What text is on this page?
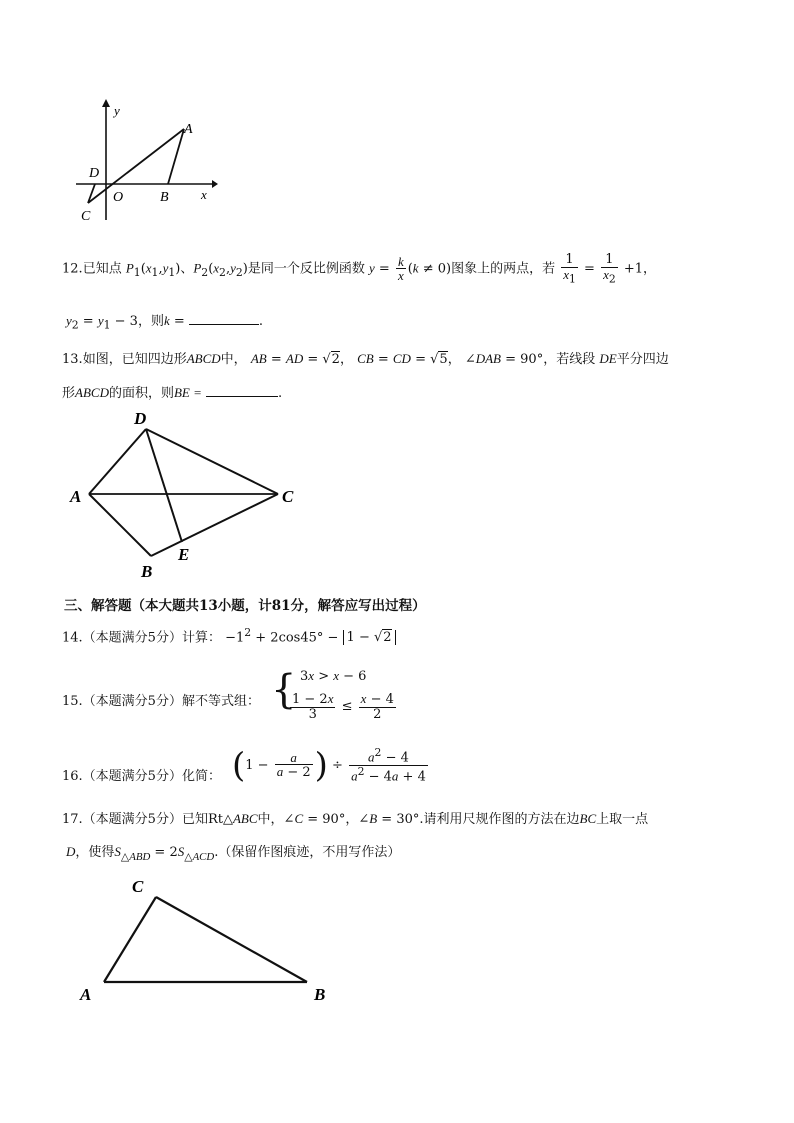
y
x
A
B
C
D
O
12.已知点 $P_1(x_1,y_1)$、$P_2(x_2,y_2)$是同一个反比例函数 $y = \frac{k}{x} (k \ne 0)$图象上的两点，若 $\frac{1}{x_1} = \frac{1}{x_2} +1$，
$y_2 = y_1 - 3$，则k =	.
13.如图，已知四边形ABCD中， AB = AD = √2， CB = CD = √5， ∠DAB = 90°，若线段 DE平分四边
形ABCD的面积，则BE =	.
D
A	C
B
E
三、解答题（本大题共13小题，计81分，解答应写出过程）
14.（本题满分5分）计算： $-1^2 + 2\cos 45^\circ - 1 - √2$
15.（本题满分5分）解不等式组： { 3x > x − 6
$\frac{1 - 2x}{3} \le \frac{x - 4}{2}$
16.（本题满分5分）化简： ($1 - \frac{a}{a - 2}$ ) ÷ $\frac{a^2 - 4}{a^2 - 4a + 4}$
17.（本题满分5分）已知Rt△ABC中，∠C = 90°，∠B = 30°.请利用尺规作图的方法在边BC上取一点
D，使得$S_{\triangle ABD} = 2S_{\triangle ACD}$.（保留作图痕迹，不用写作法）
C
A	B
